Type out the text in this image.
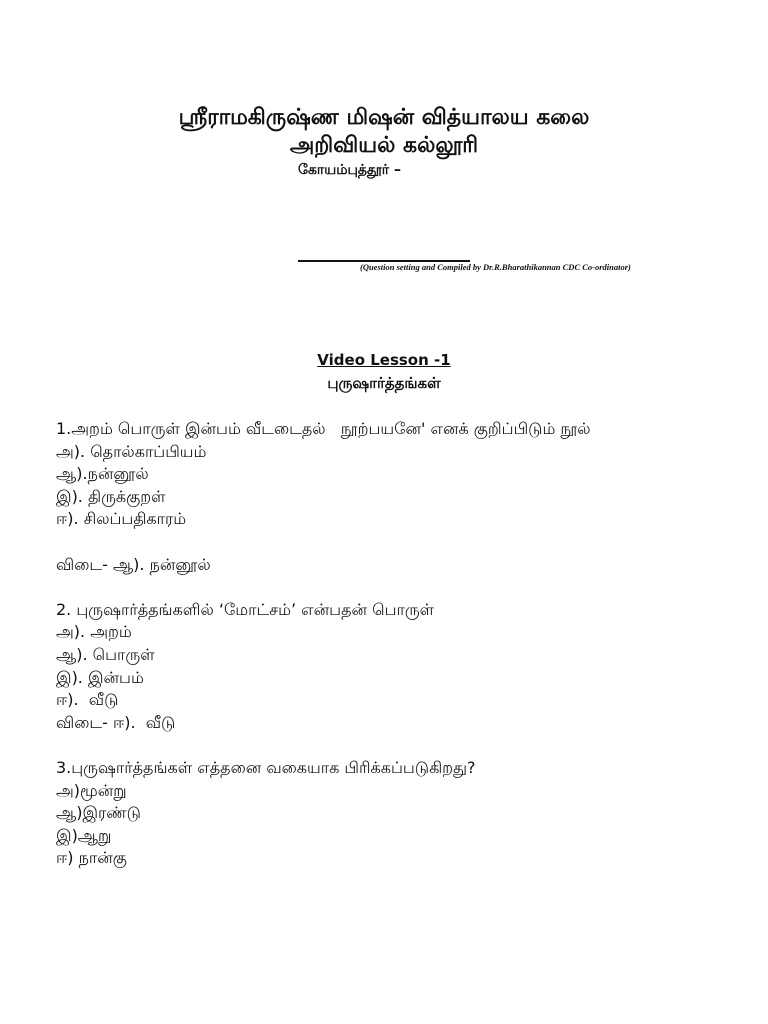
ஸ்ரீராமகிருஷ்ண மிஷன் வித்யாலய கலை
அறிவியல் கல்லூரி
கோயம்புத்தூர் –
(Question setting and Compiled by Dr.R.Bharathikannan CDC Co-ordinator)
Video Lesson -1
புருஷார்த்தங்கள்

1.அறம் பொருள் இன்பம் வீடடைதல்   நூற்பயனே' எனக் குறிப்பிடும் நூல்

அ). தொல்காப்பியம்

ஆ).நன்னூல்

இ). திருக்குறள்

ஈ). சிலப்பதிகாரம்

விடை- ஆ). நன்னூல்

2. புருஷார்த்தங்களில் ‘மோட்சம்’ என்பதன் பொருள்

அ). அறம்

ஆ). பொருள்

இ). இன்பம்

ஈ).  வீடு

விடை- ஈ).  வீடு

3.புருஷார்த்தங்கள் எத்தனை வகையாக பிரிக்கப்படுகிறது?

அ)மூன்று

ஆ)இரண்டு

இ)ஆறு

ஈ) நான்கு
